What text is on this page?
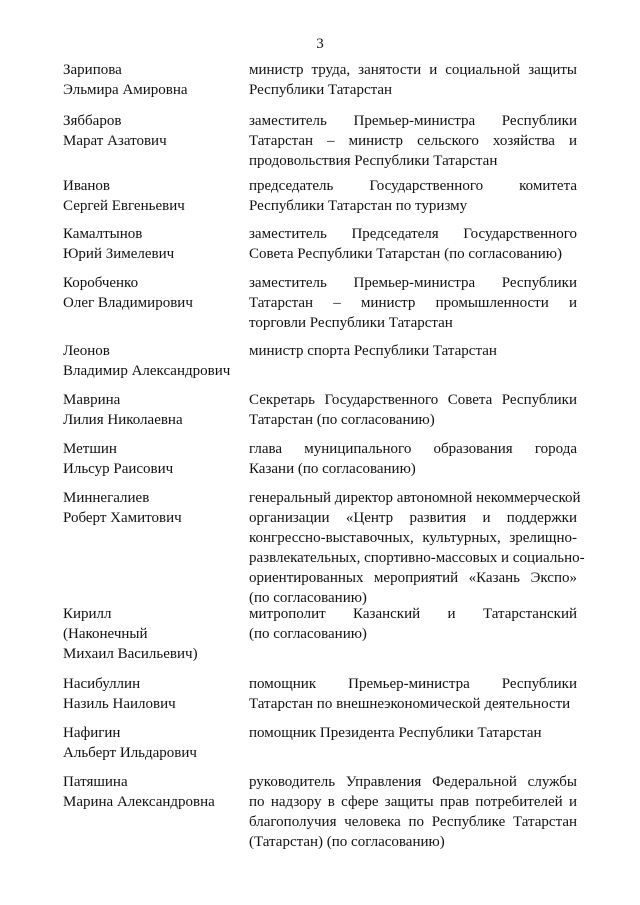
3
Зарипова
Эльмира Амировна
министр труда, занятости и социальной защиты
Республики Татарстан
Зяббаров
Марат Азатович
заместитель Премьер-министра Республики
Татарстан – министр сельского хозяйства и
продовольствия Республики Татарстан
Иванов
Сергей Евгеньевич
председатель Государственного комитета
Республики Татарстан по туризму
Камалтынов
Юрий Зимелевич
заместитель Председателя Государственного
Совета Республики Татарстан (по согласованию)
Коробченко
Олег Владимирович
заместитель Премьер-министра Республики
Татарстан – министр промышленности и
торговли Республики Татарстан
Леонов
Владимир Александрович
министр спорта Республики Татарстан
Маврина
Лилия Николаевна
Секретарь Государственного Совета Республики
Татарстан (по согласованию)
Метшин
Ильсур Раисович
глава муниципального образования города
Казани (по согласованию)
Миннегалиев
Роберт Хамитович
генеральный директор автономной некоммерческой
организации «Центр развития и поддержки
конгрессно-выставочных, культурных, зрелищно-
развлекательных, спортивно-массовых и социально-
ориентированных мероприятий «Казань Экспо»
(по согласованию)
Кирилл
(Наконечный
Михаил Васильевич)
митрополит Казанский и Татарстанский
(по согласованию)
Насибуллин
Назиль Наилович
помощник Премьер-министра Республики
Татарстан по внешнеэкономической деятельности
Нафигин
Альберт Ильдарович
помощник Президента Республики Татарстан
Патяшина
Марина Александровна
руководитель Управления Федеральной службы
по надзору в сфере защиты прав потребителей и
благополучия человека по Республике Татарстан
(Татарстан) (по согласованию)
